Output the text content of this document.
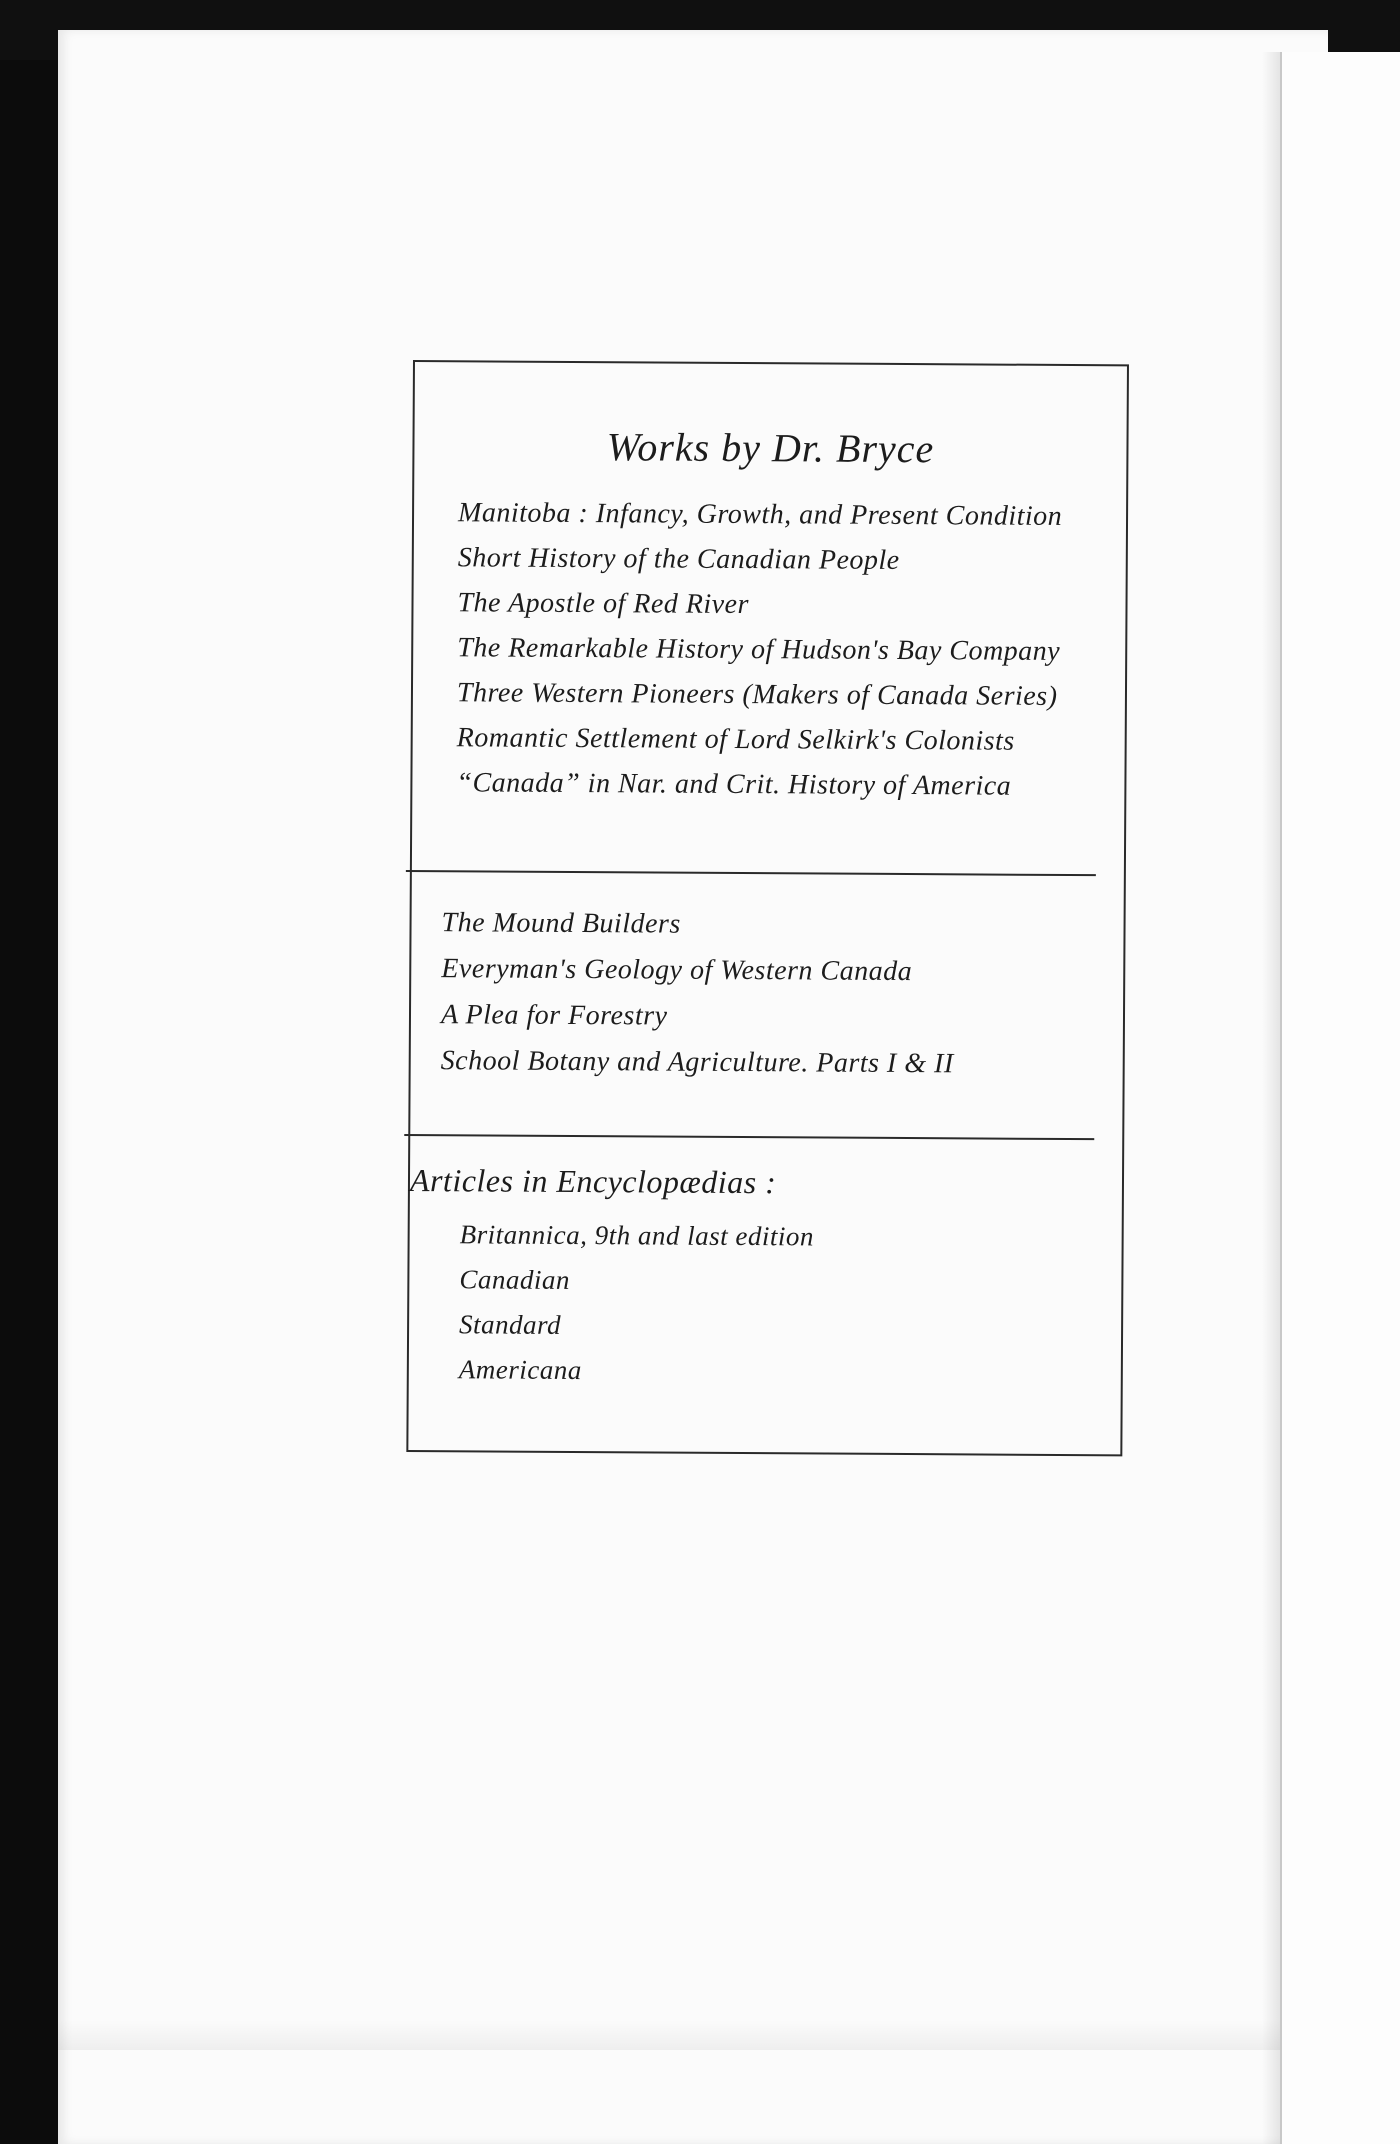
Works by Dr. Bryce
Manitoba : Infancy, Growth, and Present Condition
Short History of the Canadian People
The Apostle of Red River
The Remarkable History of Hudson's Bay Company
Three Western Pioneers (Makers of Canada Series)
Romantic Settlement of Lord Selkirk's Colonists
“Canada” in Nar. and Crit. History of America
The Mound Builders
Everyman's Geology of Western Canada
A Plea for Forestry
School Botany and Agriculture. Parts I & II
Articles in Encyclopædias :
Britannica, 9th and last edition
Canadian
Standard
Americana
